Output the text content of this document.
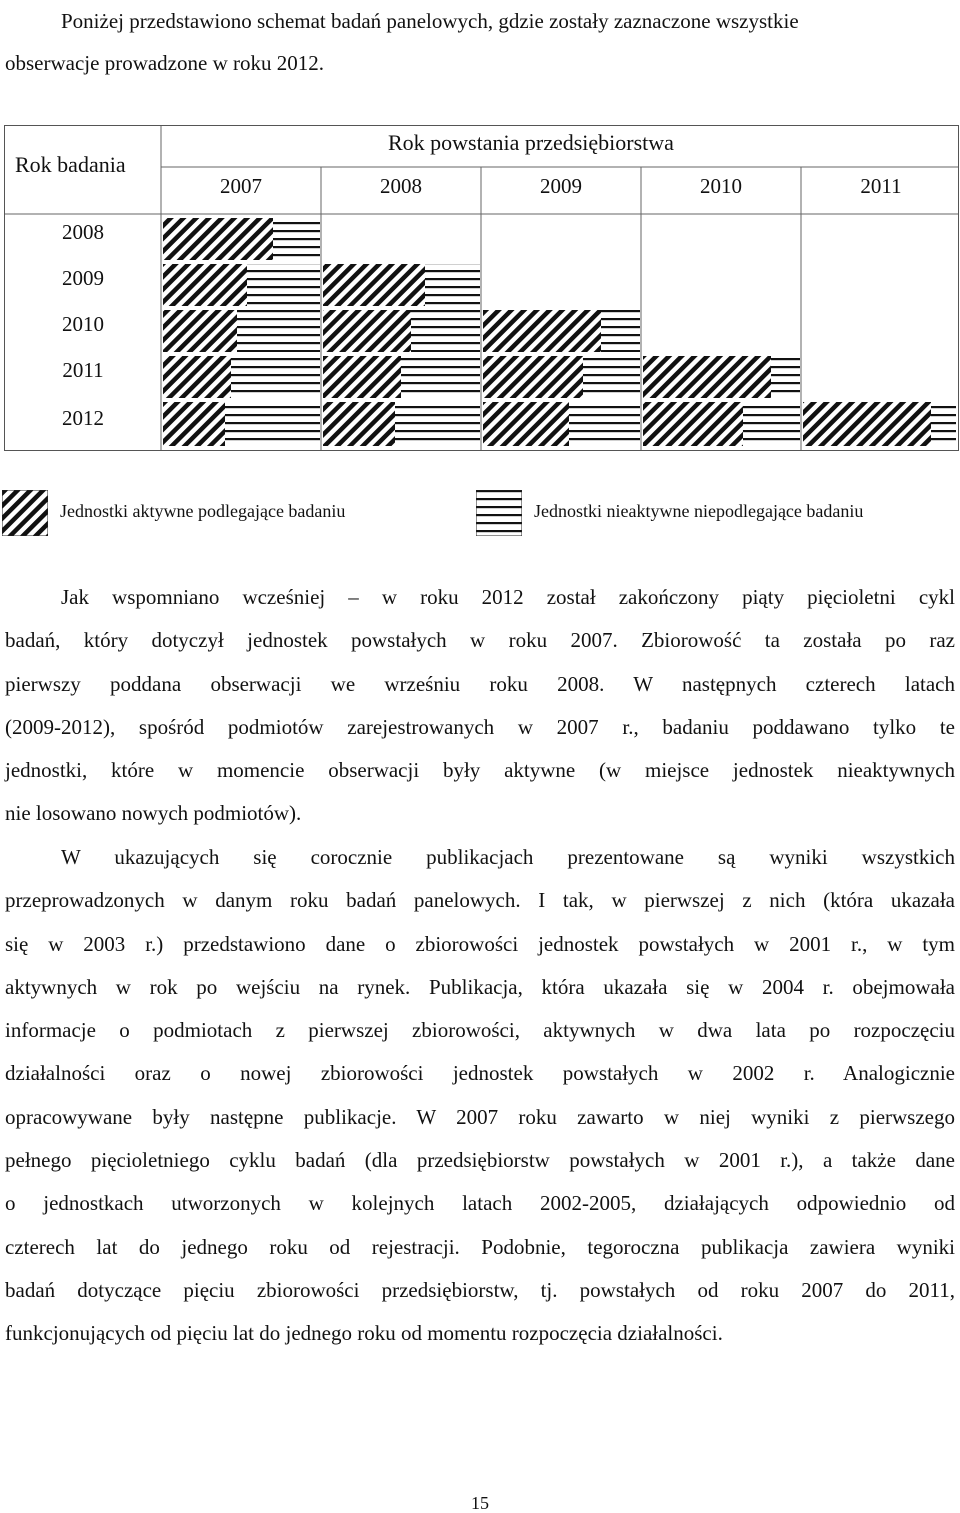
Poniżej przedstawiono schemat badań panelowych, gdzie zostały zaznaczone wszystkie
obserwacje prowadzone w roku 2012.

Rok badania
Rok powstania przedsiębiorstwa
2007	2008	2009	2010	2011
2008
2009
2010
2011
2012
Jednostki aktywne podlegające badaniu	Jednostki nieaktywne niepodlegające badaniu
Jak wspomniano wcześniej – w roku 2012 został zakończony piąty pięcioletni cykl
badań, który dotyczył jednostek powstałych w roku 2007. Zbiorowość ta została po raz
pierwszy poddana obserwacji we wrześniu roku 2008. W następnych czterech latach
(2009-2012), spośród podmiotów zarejestrowanych w 2007 r., badaniu poddawano tylko te
jednostki, które w momencie obserwacji były aktywne (w miejsce jednostek nieaktywnych
nie losowano nowych podmiotów).
W ukazujących się corocznie publikacjach prezentowane są wyniki wszystkich
przeprowadzonych w danym roku badań panelowych. I tak, w pierwszej z nich (która ukazała
się w 2003 r.) przedstawiono dane o zbiorowości jednostek powstałych w 2001 r., w tym
aktywnych w rok po wejściu na rynek. Publikacja, która ukazała się w 2004 r. obejmowała
informacje o podmiotach z pierwszej zbiorowości, aktywnych w dwa lata po rozpoczęciu
działalności oraz o nowej zbiorowości jednostek powstałych w 2002 r. Analogicznie
opracowywane były następne publikacje. W 2007 roku zawarto w niej wyniki z pierwszego
pełnego pięcioletniego cyklu badań (dla przedsiębiorstw powstałych w 2001 r.), a także dane
o jednostkach utworzonych w kolejnych latach 2002-2005, działających odpowiednio od
czterech lat do jednego roku od rejestracji. Podobnie, tegoroczna publikacja zawiera wyniki
badań dotyczące pięciu zbiorowości przedsiębiorstw, tj. powstałych od roku 2007 do 2011,
funkcjonujących od pięciu lat do jednego roku od momentu rozpoczęcia działalności.
15
